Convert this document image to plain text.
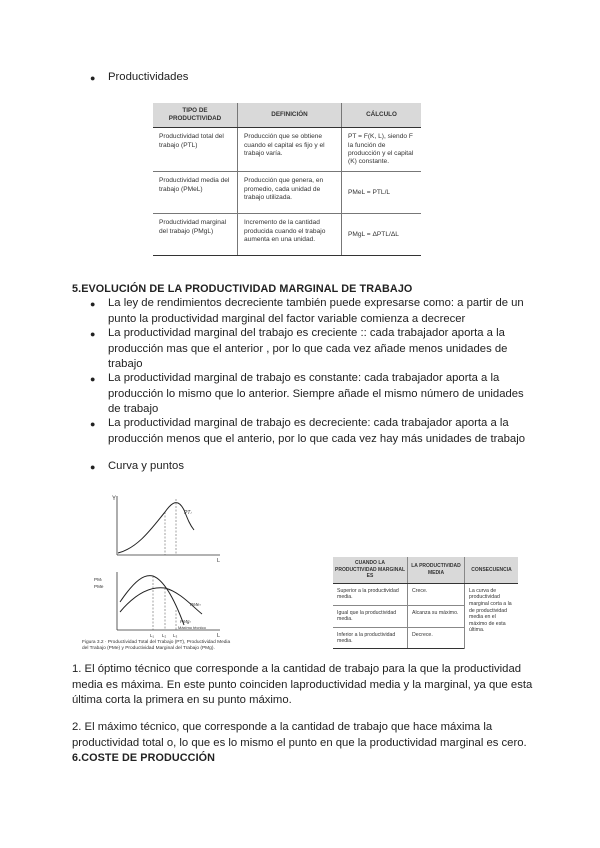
● Productividades
TIPO DE PRODUCTIVIDAD	DEFINICIÓN	CÁLCULO
Productividad total del trabajo (PTL)	Producción que se obtiene cuando el capital es fijo y el trabajo varía.	PT = F(K, L), siendo F la función de producción y el capital (K) constante.
Productividad media del trabajo (PMeL)	Producción que genera, en promedio, cada unidad de trabajo utilizada.	PMeL = PTL/L
Productividad marginal del trabajo (PMgL)	Incremento de la cantidad producida cuando el trabajo aumenta en una unidad.	PMgL = ΔPTL/ΔL
5.EVOLUCIÓN DE LA PRODUCTIVIDAD MARGINAL DE TRABAJO
● La ley de rendimientos decreciente también puede expresarse como: a partir de un
punto la productividad marginal del factor variable comienza a decrecer
● La productividad marginal del trabajo es creciente :: cada trabajador aporta a la
producción mas que el anterior , por lo que cada vez añade menos unidades de
trabajo
● La productividad marginal de trabajo es constante: cada trabajador aporta a la
producción lo mismo que lo anterior. Siempre añade el mismo número de unidades
de trabajo
● La productividad marginal de trabajo es decreciente: cada trabajador aporta a la
producción menos que el anterio, por lo que cada vez hay más unidades de trabajo
● Curva y puntos
Y
PTₗ
L
PMₗ
PMe
PMeₗ
PMgₗ
Máximo técnico
L₁ L₂ L₃	L
Figura 3.2 · Productividad Total del Trabajo (PT), Productividad Media
del Trabajo (PMe) y Productividad Marginal del Trabajo (PMg).
CUANDO LA PRODUCTIVIDAD MARGINAL ES	LA PRODUCTIVIDAD MEDIA	CONSECUENCIA
Superior a la productividad media.	Crece.	La curva de productividad marginal corta a la de productividad media en el máximo de esta última.
Igual que la productividad media.	Alcanza su máximo.	
Inferior a la productividad media.	Decrece.	
1. El óptimo técnico que corresponde a la cantidad de trabajo para la que la productividad
media es máxima. En este punto coinciden laproductividad media y la marginal, ya que esta
última corta la primera en su punto máximo.
2. El máximo técnico, que corresponde a la cantidad de trabajo que hace máxima la
productividad total o, lo que es lo mismo el punto en que la productividad marginal es cero.
6.COSTE DE PRODUCCIÓN
